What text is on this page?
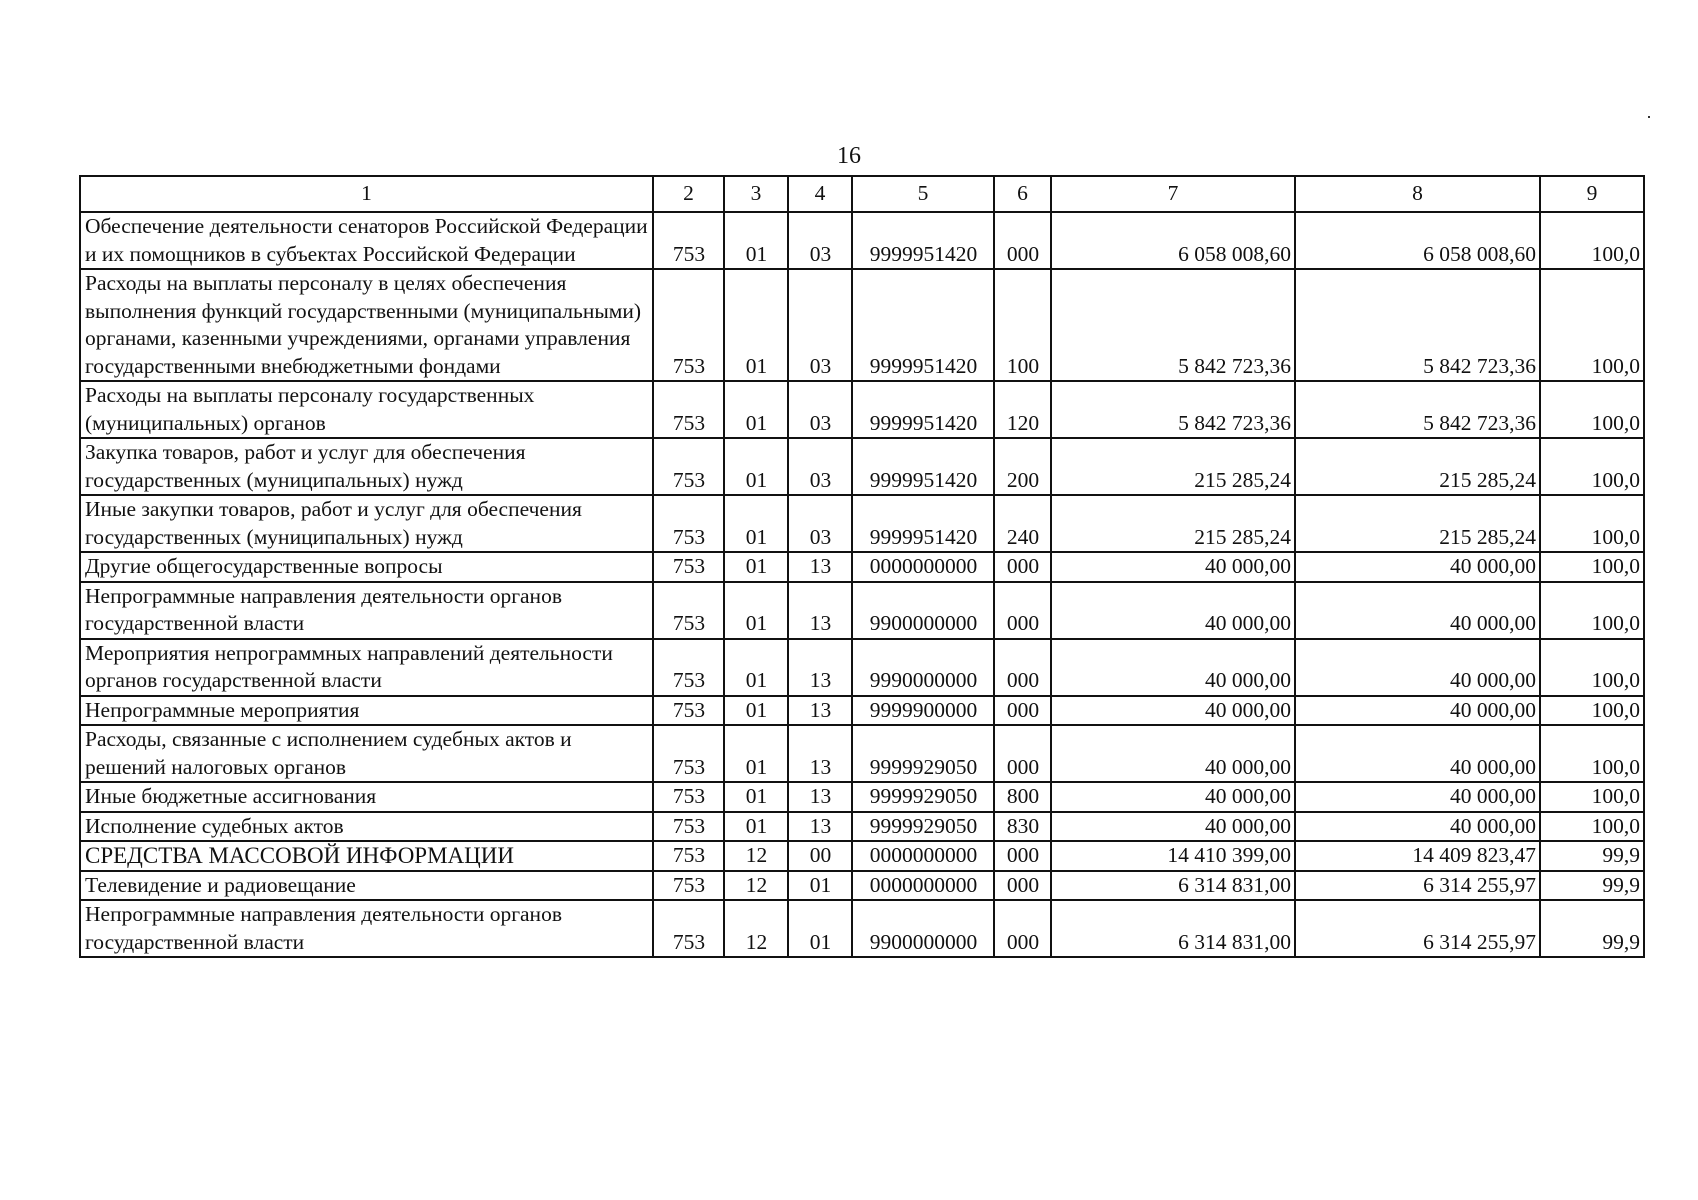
16
1	2	3	4	5	6	7	8	9
Обеспечение деятельности сенаторов Российской Федерации и их помощников в субъектах Российской Федерации	753	01	03	9999951420	000	6 058 008,60	6 058 008,60	100,0
Расходы на выплаты персоналу в целях обеспечения выполнения функций государственными (муниципальными) органами, казенными учреждениями, органами управления государственными внебюджетными фондами	753	01	03	9999951420	100	5 842 723,36	5 842 723,36	100,0
Расходы на выплаты персоналу государственных (муниципальных) органов	753	01	03	9999951420	120	5 842 723,36	5 842 723,36	100,0
Закупка товаров, работ и услуг для обеспечения государственных (муниципальных) нужд	753	01	03	9999951420	200	215 285,24	215 285,24	100,0
Иные закупки товаров, работ и услуг для обеспечения государственных (муниципальных) нужд	753	01	03	9999951420	240	215 285,24	215 285,24	100,0
Другие общегосударственные вопросы	753	01	13	0000000000	000	40 000,00	40 000,00	100,0
Непрограммные направления деятельности органов государственной власти	753	01	13	9900000000	000	40 000,00	40 000,00	100,0
Мероприятия непрограммных направлений деятельности органов государственной власти	753	01	13	9990000000	000	40 000,00	40 000,00	100,0
Непрограммные мероприятия	753	01	13	9999900000	000	40 000,00	40 000,00	100,0
Расходы, связанные с исполнением судебных актов и решений налоговых органов	753	01	13	9999929050	000	40 000,00	40 000,00	100,0
Иные бюджетные ассигнования	753	01	13	9999929050	800	40 000,00	40 000,00	100,0
Исполнение судебных актов	753	01	13	9999929050	830	40 000,00	40 000,00	100,0
СРЕДСТВА МАССОВОЙ ИНФОРМАЦИИ	753	12	00	0000000000	000	14 410 399,00	14 409 823,47	99,9
Телевидение и радиовещание	753	12	01	0000000000	000	6 314 831,00	6 314 255,97	99,9
Непрограммные направления деятельности органов государственной власти	753	12	01	9900000000	000	6 314 831,00	6 314 255,97	99,9
